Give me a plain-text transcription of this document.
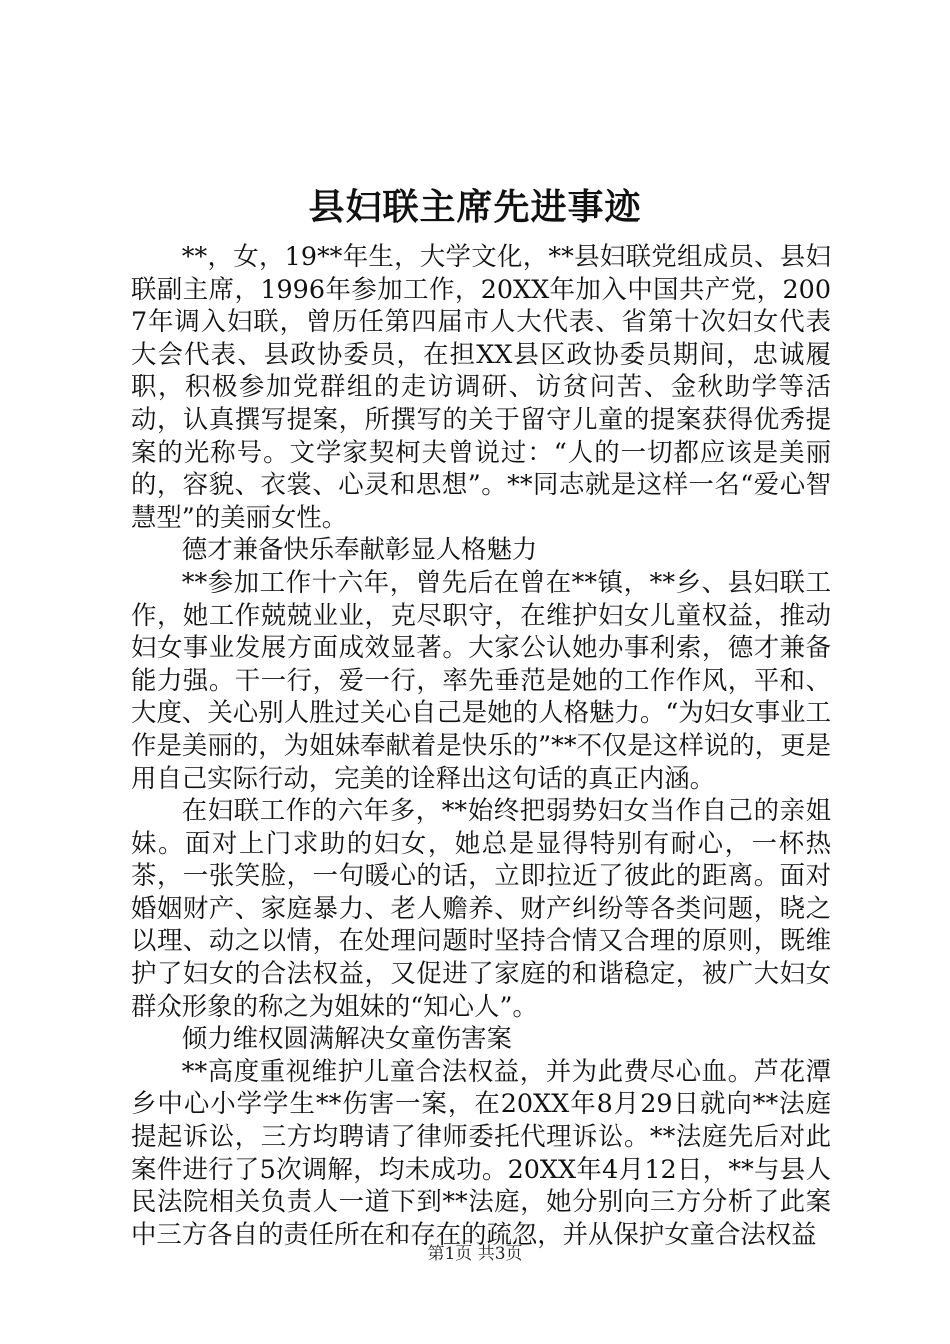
县妇联主席先进事迹

**，女，19**年生，大学文化，**县妇联党组成员、县妇联副主席，1996年参加工作，20XX年加入中国共产党，2007年调入妇联，曾历任第四届市人大代表、省第十次妇女代表大会代表、县政协委员，在担XX县区政协委员期间，忠诚履职，积极参加党群组的走访调研、访贫问苦、金秋助学等活动，认真撰写提案，所撰写的关于留守儿童的提案获得优秀提案的光称号。文学家契柯夫曾说过：“人的一切都应该是美丽的，容貌、衣裳、心灵和思想”。**同志就是这样一名“爱心智慧型”的美丽女性。

德才兼备快乐奉献彰显人格魅力

**参加工作十六年，曾先后在曾在**镇，**乡、县妇联工作，她工作兢兢业业，克尽职守，在维护妇女儿童权益，推动妇女事业发展方面成效显著。大家公认她办事利索，德才兼备能力强。干一行，爱一行，率先垂范是她的工作作风，平和、大度、关心别人胜过关心自己是她的人格魅力。“为妇女事业工作是美丽的，为姐妹奉献着是快乐的”**不仅是这样说的，更是用自己实际行动，完美的诠释出这句话的真正内涵。

在妇联工作的六年多，**始终把弱势妇女当作自己的亲姐妹。面对上门求助的妇女，她总是显得特别有耐心，一杯热茶，一张笑脸，一句暖心的话，立即拉近了彼此的距离。面对婚姻财产、家庭暴力、老人赡养、财产纠纷等各类问题，晓之以理、动之以情，在处理问题时坚持合情又合理的原则，既维护了妇女的合法权益，又促进了家庭的和谐稳定，被广大妇女群众形象的称之为姐妹的“知心人”。

倾力维权圆满解决女童伤害案

**高度重视维护儿童合法权益，并为此费尽心血。芦花潭乡中心小学学生**伤害一案，在20XX年8月29日就向**法庭提起诉讼，三方均聘请了律师委托代理诉讼。**法庭先后对此案件进行了5次调解，均未成功。20XX年4月12日，**与县人民法院相关负责人一道下到**法庭，她分别向三方分析了此案中三方各自的责任所在和存在的疏忽，并从保护女童合法权益

第1页 共3页
